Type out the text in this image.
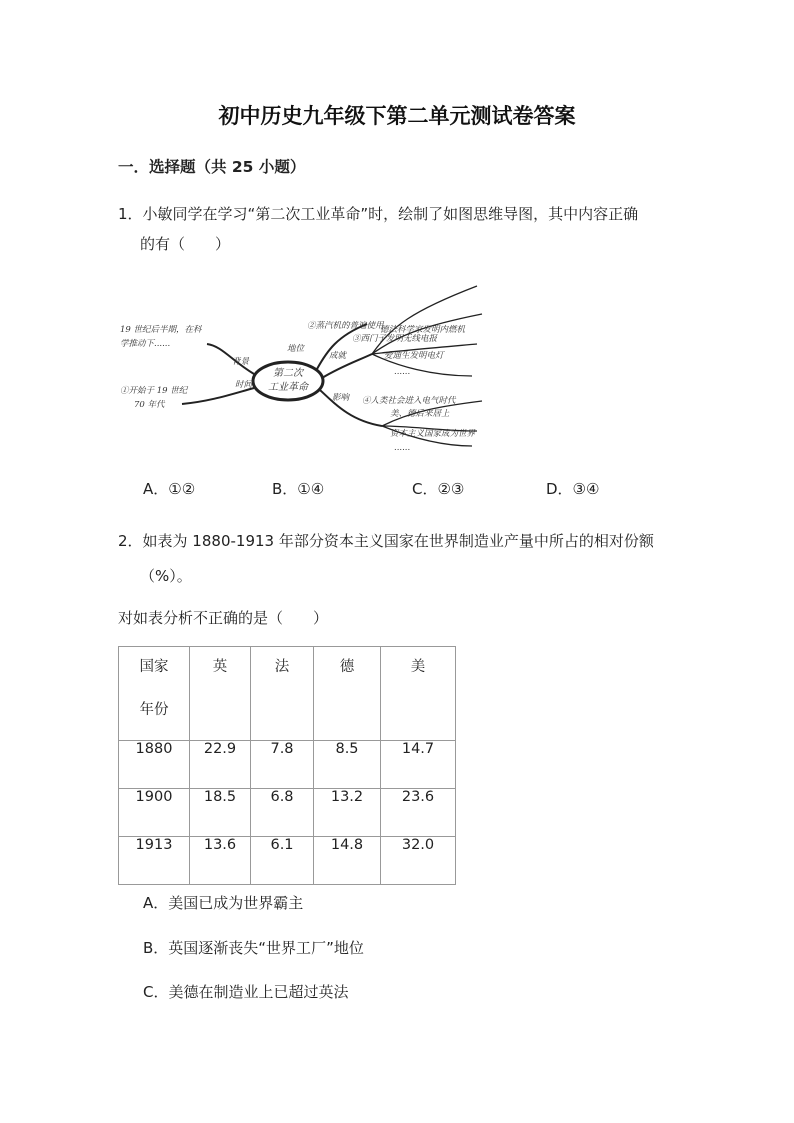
初中历史九年级下第二单元测试卷答案
一．选择题（共 25 小题）
1．小敏同学在学习“第二次工业革命”时，绘制了如图思维导图，其中内容正确
的有（　　）
第二次
工业革命
19 世纪后半期，在科
学推动下......
①开始于 19 世纪
70 年代
背景
时间
地位
成就
影响
②蒸汽机的普遍使用
③西门子发明无线电报
爱迪生发明电灯
德法科学家发明内燃机
......
④人类社会进入电气时代
美、德后来居上
资本主义国家成为世界
......
A．①②	B．①④	C．②③	D．③④
2．如表为 1880-1913 年部分资本主义国家在世界制造业产量中所占的相对份额
（%）。
对如表分析不正确的是（　　）
国家
年份	英	法	德	美

1880	22.9	7.8	8.5	14.7
1900	18.5	6.8	13.2	23.6
1913	13.6	6.1	14.8	32.0
A．美国已成为世界霸主
B．英国逐渐丧失“世界工厂”地位
C．美德在制造业上已超过英法
